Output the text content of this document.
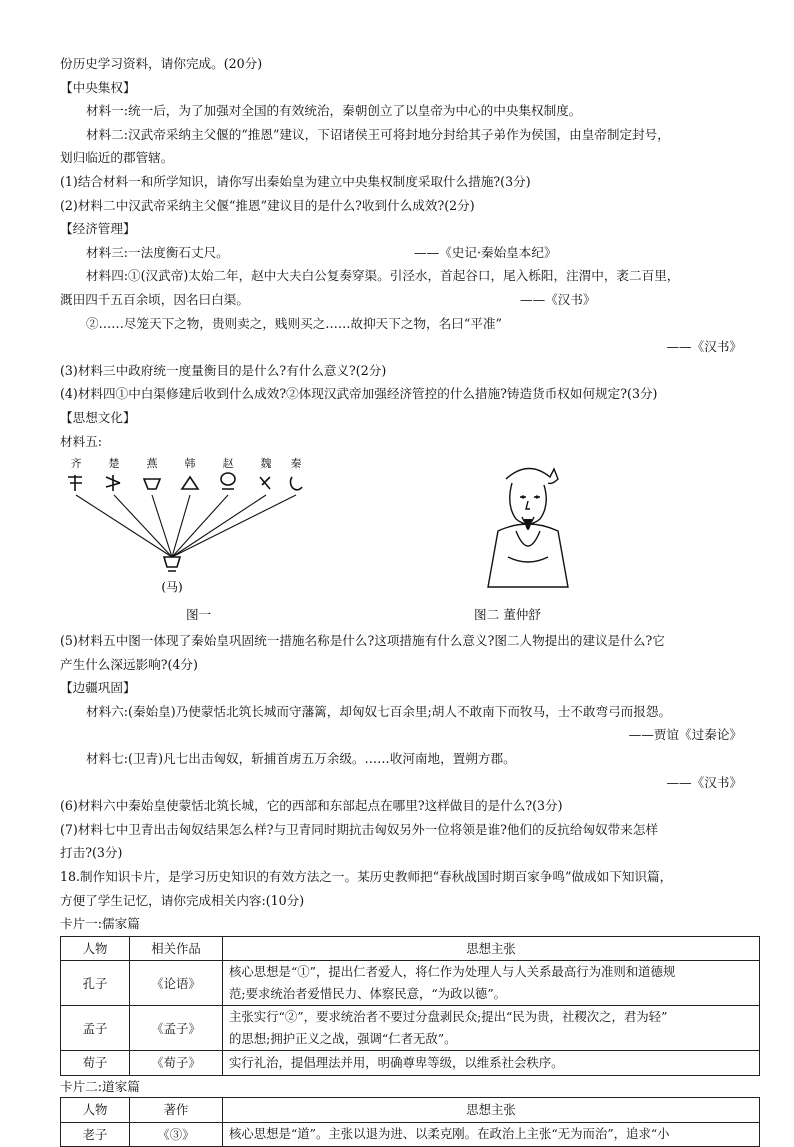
份历史学习资料，请你完成。(20分)
【中央集权】
材料一:统一后，为了加强对全国的有效统治，秦朝创立了以皇帝为中心的中央集权制度。
材料二:汉武帝采纳主父偃的“推恩”建议，下诏诸侯王可将封地分封给其子弟作为侯国，由皇帝制定封号，
划归临近的郡管辖。
(1)结合材料一和所学知识，请你写出秦始皇为建立中央集权制度采取什么措施?(3分)
(2)材料二中汉武帝采纳主父偃“推恩”建议目的是什么?收到什么成效?(2分)
【经济管理】
材料三:一法度衡石丈尺。	——《史记·秦始皇本纪》
材料四:①(汉武帝)太始二年，赵中大夫白公复奏穿渠。引泾水，首起谷口，尾入栎阳，注渭中，袤二百里，
溉田四千五百余顷，因名曰白渠。	——《汉书》
②……尽笼天下之物，贵则卖之，贱则买之……故抑天下之物，名曰“平准”
——《汉书》
(3)材料三中政府统一度量衡目的是什么?有什么意义?(2分)
(4)材料四①中白渠修建后收到什么成效?②体现汉武帝加强经济管控的什么措施?铸造货币权如何规定?(3分)
【思想文化】
材料五:
齐 楚 燕 韩 赵 魏 秦
(马)
图一	图二 董仲舒
(5)材料五中图一体现了秦始皇巩固统一措施名称是什么?这项措施有什么意义?图二人物提出的建议是什么?它
产生什么深远影响?(4分)
【边疆巩固】
材料六:(秦始皇)乃使蒙恬北筑长城而守藩篱，却匈奴七百余里;胡人不敢南下而牧马，士不敢弯弓而报怨。
——贾谊《过秦论》
材料七:(卫青)凡七出击匈奴，斩捕首虏五万余级。……收河南地，置朔方郡。
——《汉书》
(6)材料六中秦始皇使蒙恬北筑长城，它的西部和东部起点在哪里?这样做目的是什么?(3分)
(7)材料七中卫青出击匈奴结果怎么样?与卫青同时期抗击匈奴另外一位将领是谁?他们的反抗给匈奴带来怎样
打击?(3分)
18.制作知识卡片，是学习历史知识的有效方法之一。某历史教师把“春秋战国时期百家争鸣”做成如下知识篇，
方便了学生记忆，请你完成相关内容:(10分)
卡片一:儒家篇
人物	相关作品	思想主张
孔子	《论语》	核心思想是“①”，提出仁者爱人，将仁作为处理人与人关系最高行为准则和道德规
范;要求统治者爱惜民力、体察民意，“为政以德”。

孟子	《孟子》	主张实行“②”，要求统治者不要过分盘剥民众;提出“民为贵，社稷次之，君为轻”
的思想;拥护正义之战，强调“仁者无敌”。

荀子	《荀子》	实行礼治，提倡理法并用，明确尊卑等级，以维系社会秩序。
卡片二:道家篇
人物	著作	思想主张
老子	《③》	核心思想是“道”。主张以退为进、以柔克刚。在政治上主张“无为而治”，追求“小
